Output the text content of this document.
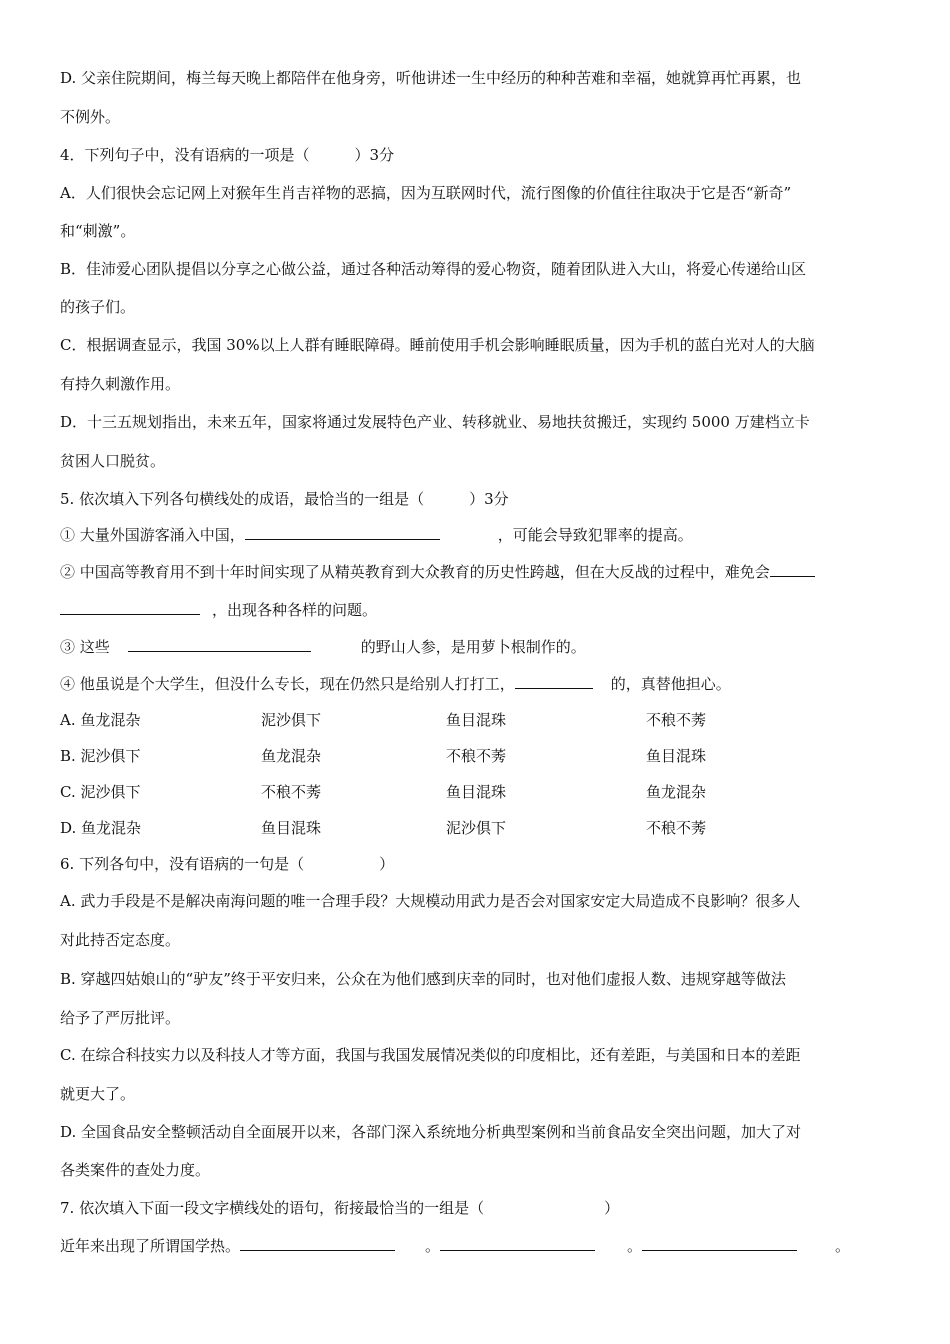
D. 父亲住院期间，梅兰每天晚上都陪伴在他身旁，听他讲述一生中经历的种种苦难和幸福，她就算再忙再累，也
不例外。
4．下列句子中，没有语病的一项是（　　　）3分
A．人们很快会忘记网上对猴年生肖吉祥物的恶搞，因为互联网时代，流行图像的价值往往取决于它是否“新奇”
和“刺激”。
B．佳沛爱心团队提倡以分享之心做公益，通过各种活动筹得的爱心物资，随着团队进入大山，将爱心传递给山区
的孩子们。
C．根据调查显示，我国 30%以上人群有睡眠障碍。睡前使用手机会影响睡眠质量，因为手机的蓝白光对人的大脑
有持久刺激作用。
D．十三五规划指出，未来五年，国家将通过发展特色产业、转移就业、易地扶贫搬迁，实现约 5000 万建档立卡
贫困人口脱贫。
5. 依次填入下列各句横线处的成语，最恰当的一组是（　　　）3分
① 大量外国游客涌入中国，	，可能会导致犯罪率的提高。
② 中国高等教育用不到十年时间实现了从精英教育到大众教育的历史性跨越，但在大反战的过程中，难免会
，出现各种各样的问题。
③ 这些	的野山人参，是用萝卜根制作的。
④ 他虽说是个大学生，但没什么专长，现在仍然只是给别人打打工，	的，真替他担心。
A. 鱼龙混杂	泥沙俱下	鱼目混珠	不稂不莠
B. 泥沙俱下	鱼龙混杂	不稂不莠	鱼目混珠
C. 泥沙俱下	不稂不莠	鱼目混珠	鱼龙混杂
D. 鱼龙混杂	鱼目混珠	泥沙俱下	不稂不莠
6. 下列各句中，没有语病的一句是（　　　　　）
A. 武力手段是不是解决南海问题的唯一合理手段？大规模动用武力是否会对国家安定大局造成不良影响？很多人
对此持否定态度。
B. 穿越四姑娘山的“驴友”终于平安归来，公众在为他们感到庆幸的同时，也对他们虚报人数、违规穿越等做法
给予了严厉批评。
C. 在综合科技实力以及科技人才等方面，我国与我国发展情况类似的印度相比，还有差距，与美国和日本的差距
就更大了。
D. 全国食品安全整顿活动自全面展开以来，各部门深入系统地分析典型案例和当前食品安全突出问题，加大了对
各类案件的查处力度。
7. 依次填入下面一段文字横线处的语句，衔接最恰当的一组是（　　　　　　　　）
近年来出现了所谓国学热。	。	。	。
